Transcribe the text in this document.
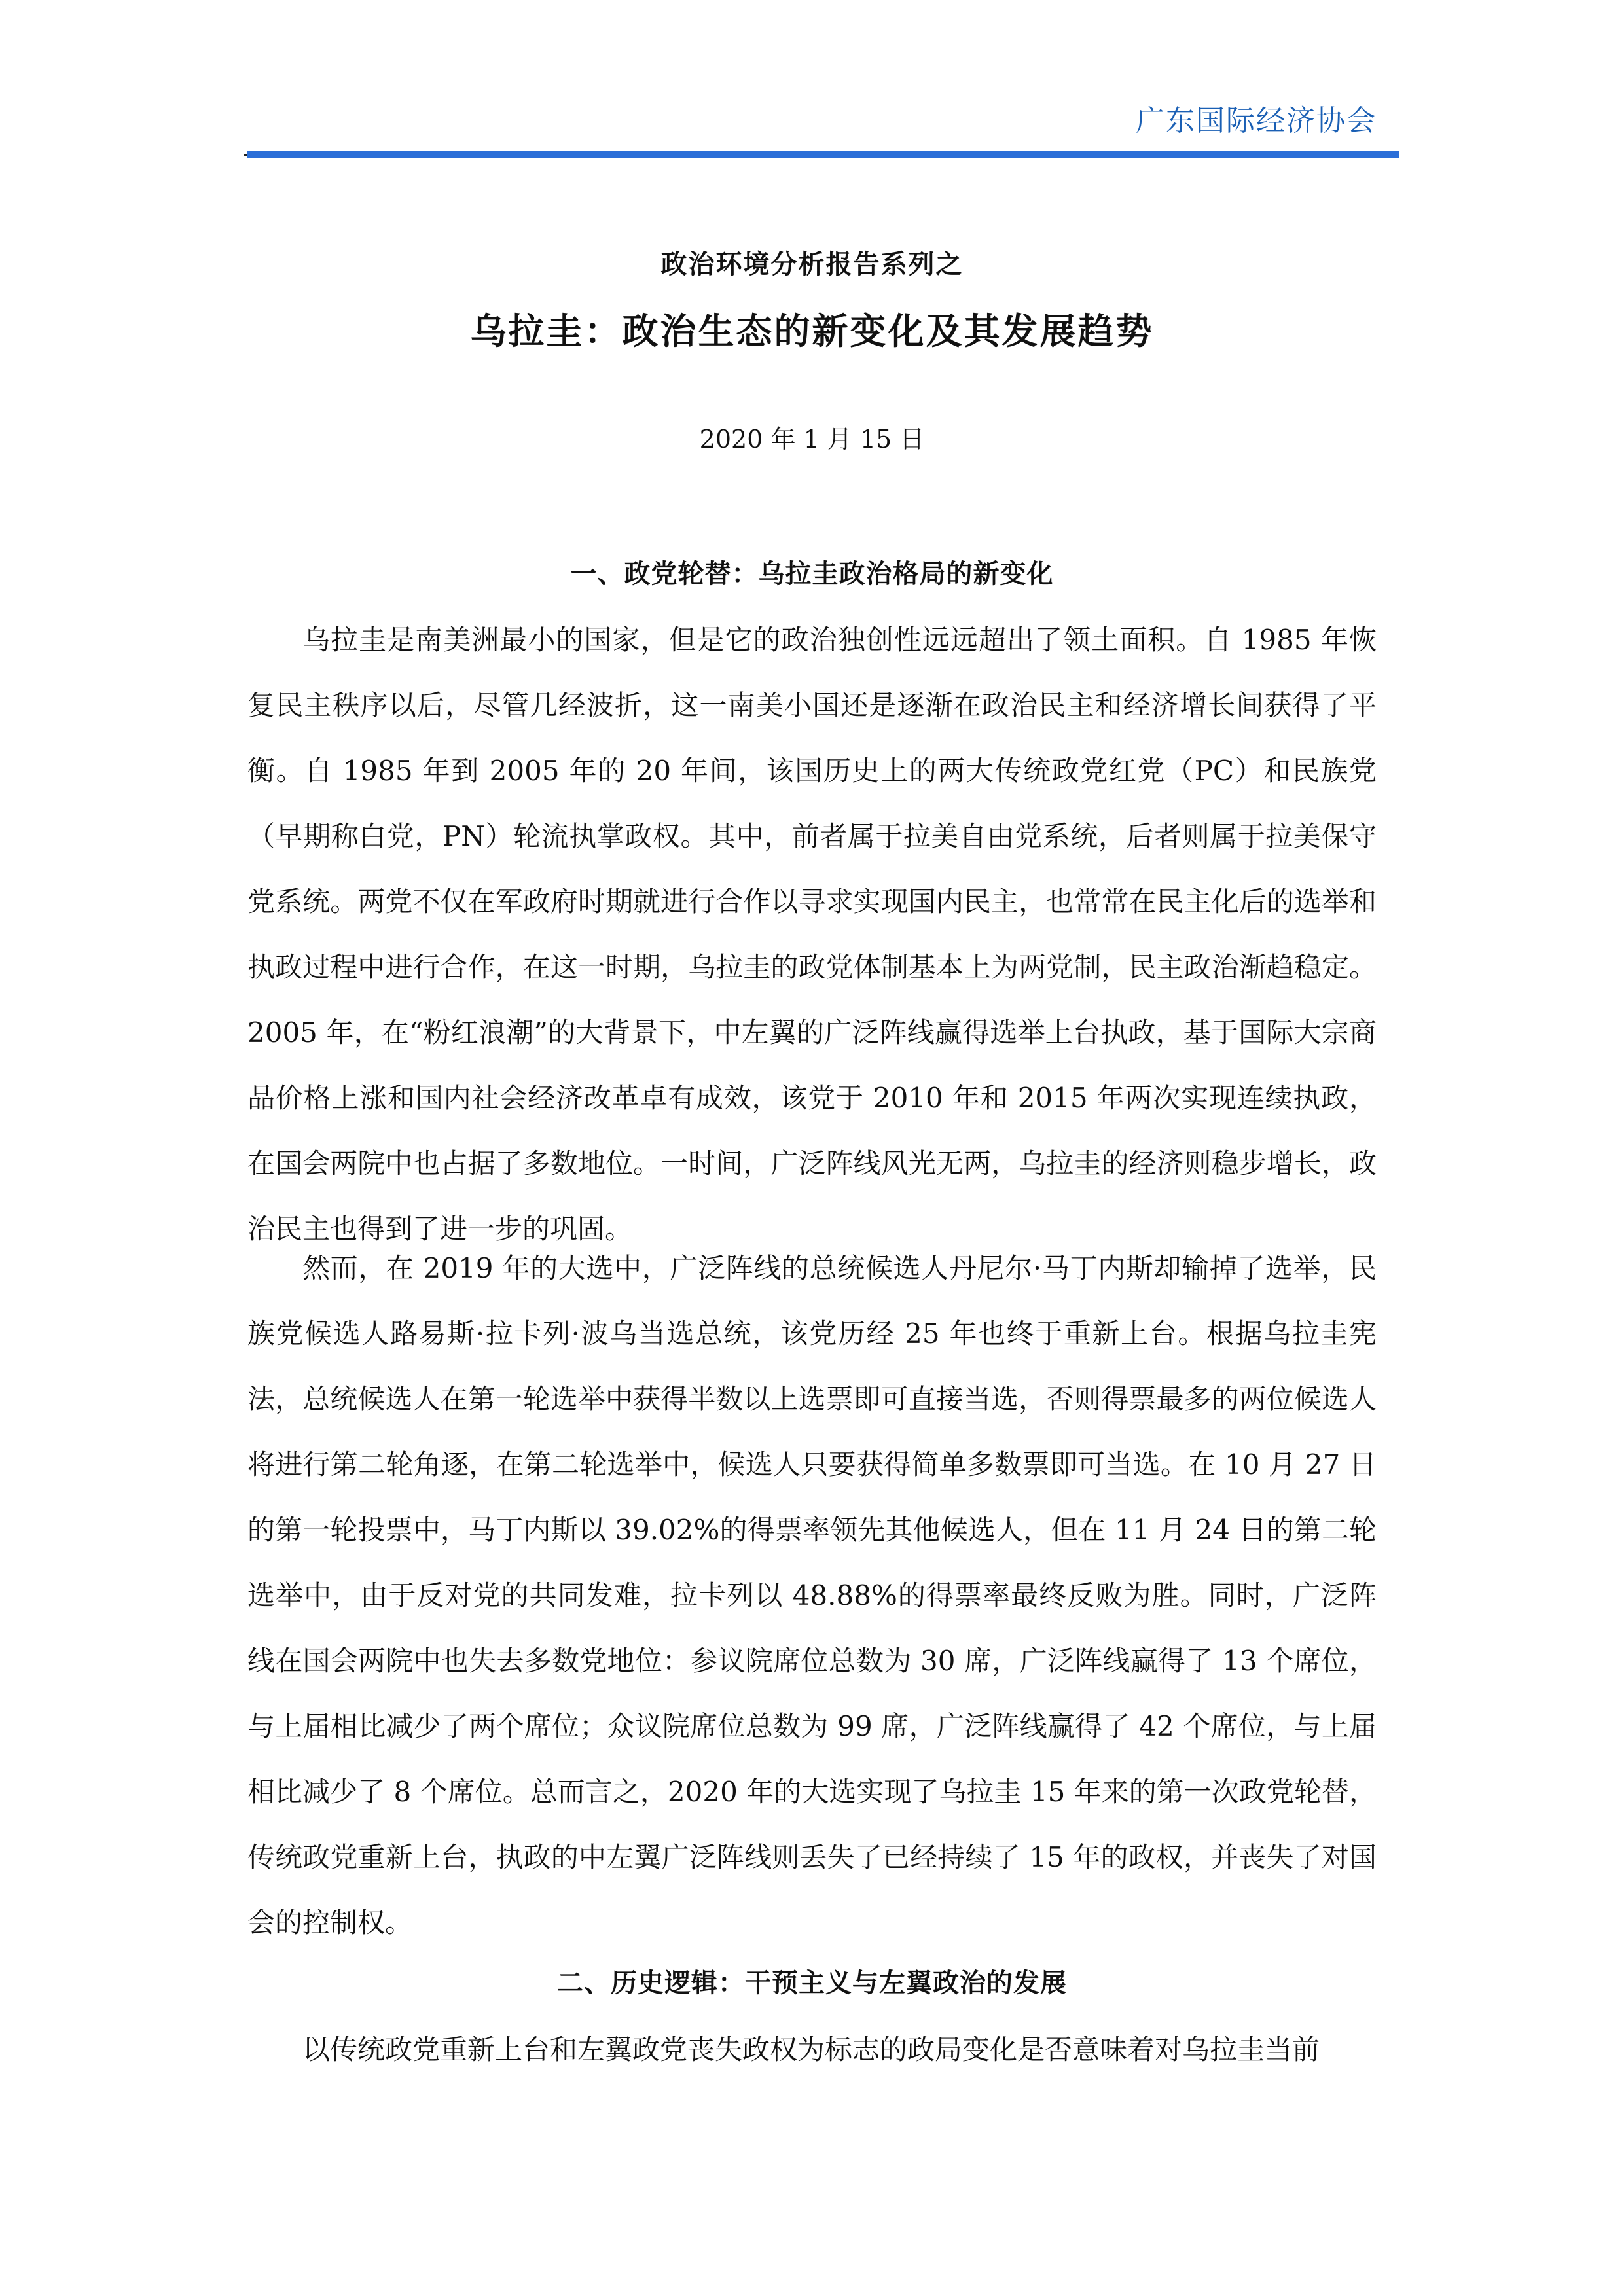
广东国际经济协会
政治环境分析报告系列之
乌拉圭：政治生态的新变化及其发展趋势
2020 年 1 月 15 日
一、政党轮替：乌拉圭政治格局的新变化

乌拉圭是南美洲最小的国家，但是它的政治独创性远远超出了领土面积。自 1985 年恢复民主秩序以后，尽管几经波折，这一南美小国还是逐渐在政治民主和经济增长间获得了平衡。自 1985 年到 2005 年的 20 年间，该国历史上的两大传统政党红党（PC）和民族党（早期称白党，PN）轮流执掌政权。其中，前者属于拉美自由党系统，后者则属于拉美保守党系统。两党不仅在军政府时期就进行合作以寻求实现国内民主，也常常在民主化后的选举和执政过程中进行合作，在这一时期，乌拉圭的政党体制基本上为两党制，民主政治渐趋稳定。2005 年，在“粉红浪潮”的大背景下，中左翼的广泛阵线赢得选举上台执政，基于国际大宗商品价格上涨和国内社会经济改革卓有成效，该党于 2010 年和 2015 年两次实现连续执政，在国会两院中也占据了多数地位。一时间，广泛阵线风光无两，乌拉圭的经济则稳步增长，政治民主也得到了进一步的巩固。

然而，在 2019 年的大选中，广泛阵线的总统候选人丹尼尔·马丁内斯却输掉了选举，民族党候选人路易斯·拉卡列·波乌当选总统，该党历经 25 年也终于重新上台。根据乌拉圭宪法，总统候选人在第一轮选举中获得半数以上选票即可直接当选，否则得票最多的两位候选人将进行第二轮角逐，在第二轮选举中，候选人只要获得简单多数票即可当选。在 10 月 27 日的第一轮投票中，马丁内斯以 39.02%的得票率领先其他候选人，但在 11 月 24 日的第二轮选举中，由于反对党的共同发难，拉卡列以 48.88%的得票率最终反败为胜。同时，广泛阵线在国会两院中也失去多数党地位：参议院席位总数为 30 席，广泛阵线赢得了 13 个席位，与上届相比减少了两个席位；众议院席位总数为 99 席，广泛阵线赢得了 42 个席位，与上届相比减少了 8 个席位。总而言之，2020 年的大选实现了乌拉圭 15 年来的第一次政党轮替，传统政党重新上台，执政的中左翼广泛阵线则丢失了已经持续了 15 年的政权，并丧失了对国会的控制权。

二、历史逻辑：干预主义与左翼政治的发展

以传统政党重新上台和左翼政党丧失政权为标志的政局变化是否意味着对乌拉圭当前
